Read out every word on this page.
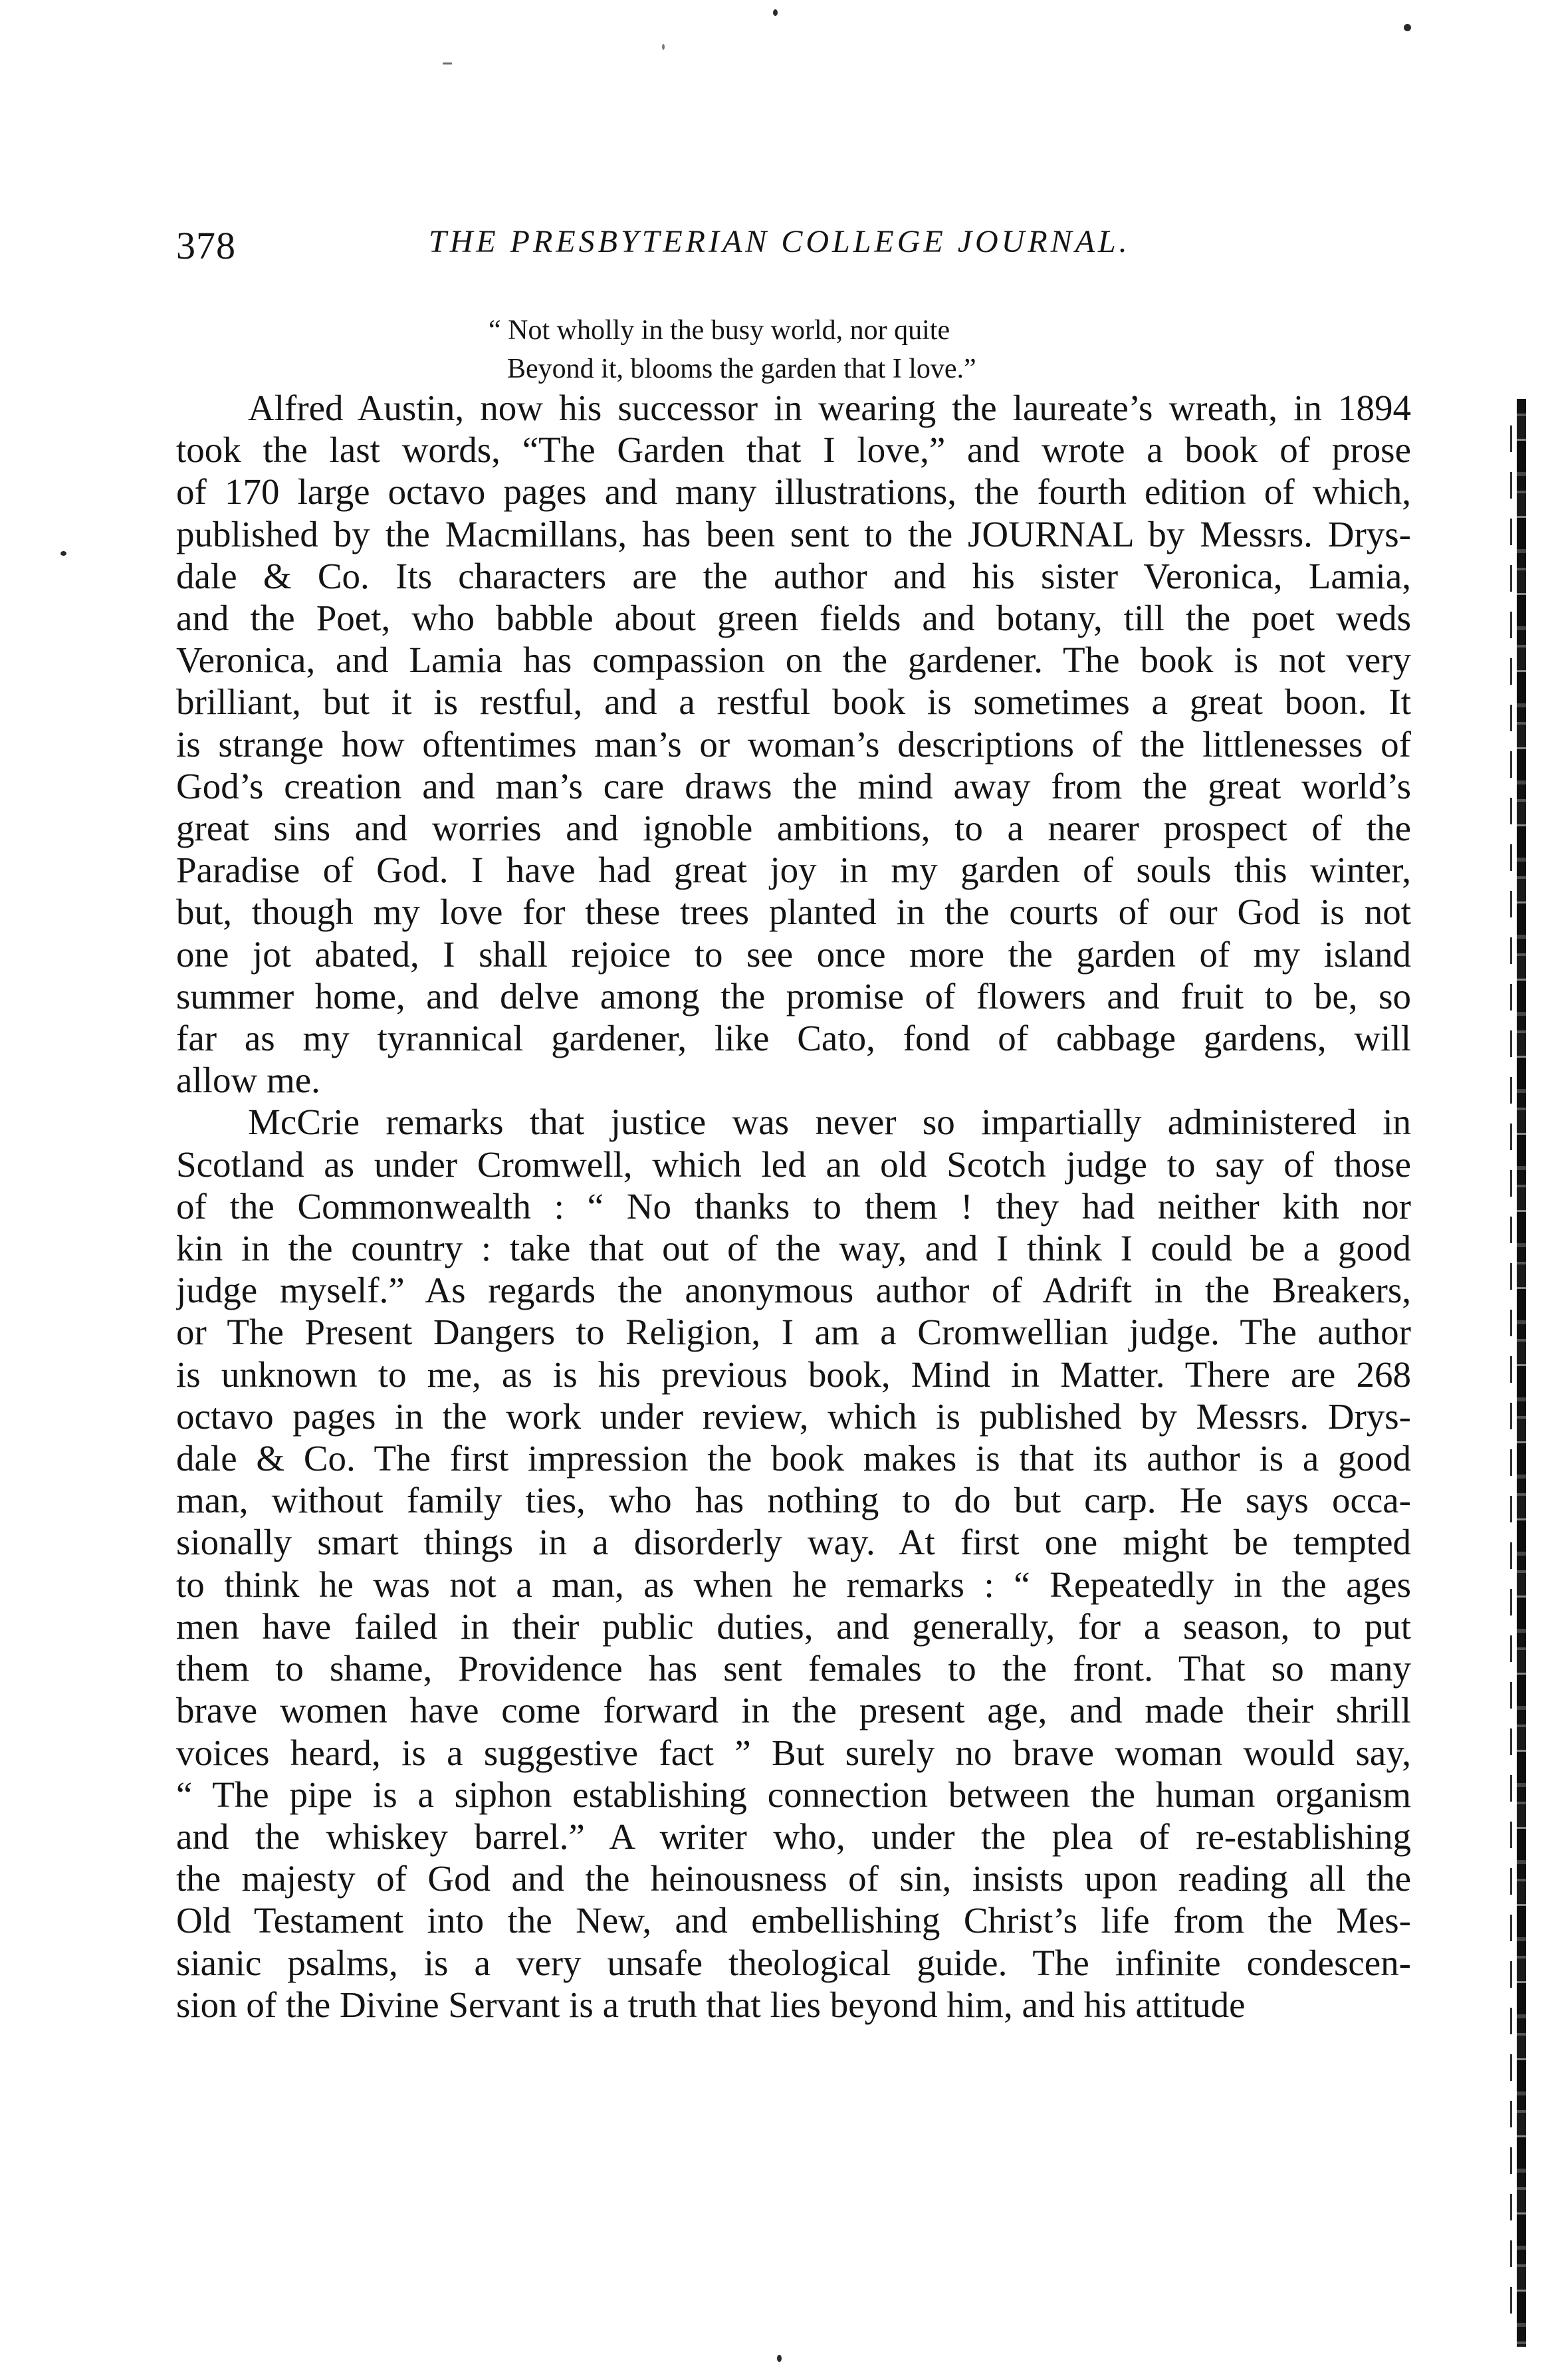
378	THE PRESBYTERIAN COLLEGE JOURNAL.
“ Not wholly in the busy world, nor quite
Beyond it, blooms the garden that I love.”

Alfred Austin, now his successor in wearing the laureate’s wreath, in 1894
took the last words, “The Garden that I love,” and wrote a book of prose
of 170 large octavo pages and many illustrations, the fourth edition of which,
published by the Macmillans, has been sent to the JOURNAL by Messrs. Drys-
dale & Co. Its characters are the author and his sister Veronica, Lamia,
and the Poet, who babble about green fields and botany, till the poet weds
Veronica, and Lamia has compassion on the gardener. The book is not very
brilliant, but it is restful, and a restful book is sometimes a great boon. It
is strange how oftentimes man’s or woman’s descriptions of the littlenesses of
God’s creation and man’s care draws the mind away from the great world’s
great sins and worries and ignoble ambitions, to a nearer prospect of the
Paradise of God. I have had great joy in my garden of souls this winter,
but, though my love for these trees planted in the courts of our God is not
one jot abated, I shall rejoice to see once more the garden of my island
summer home, and delve among the promise of flowers and fruit to be, so
far as my tyrannical gardener, like Cato, fond of cabbage gardens, will
allow me.

McCrie remarks that justice was never so impartially administered in
Scotland as under Cromwell, which led an old Scotch judge to say of those
of the Commonwealth : “ No thanks to them ! they had neither kith nor
kin in the country : take that out of the way, and I think I could be a good
judge myself.” As regards the anonymous author of Adrift in the Breakers,
or The Present Dangers to Religion, I am a Cromwellian judge. The author
is unknown to me, as is his previous book, Mind in Matter. There are 268
octavo pages in the work under review, which is published by Messrs. Drys-
dale & Co. The first impression the book makes is that its author is a good
man, without family ties, who has nothing to do but carp. He says occa-
sionally smart things in a disorderly way. At first one might be tempted
to think he was not a man, as when he remarks : “ Repeatedly in the ages
men have failed in their public duties, and generally, for a season, to put
them to shame, Providence has sent females to the front. That so many
brave women have come forward in the present age, and made their shrill
voices heard, is a suggestive fact ” But surely no brave woman would say,
“ The pipe is a siphon establishing connection between the human organism
and the whiskey barrel.” A writer who, under the plea of re-establishing
the majesty of God and the heinousness of sin, insists upon reading all the
Old Testament into the New, and embellishing Christ’s life from the Mes-
sianic psalms, is a very unsafe theological guide. The infinite condescen-
sion of the Divine Servant is a truth that lies beyond him, and his attitude
